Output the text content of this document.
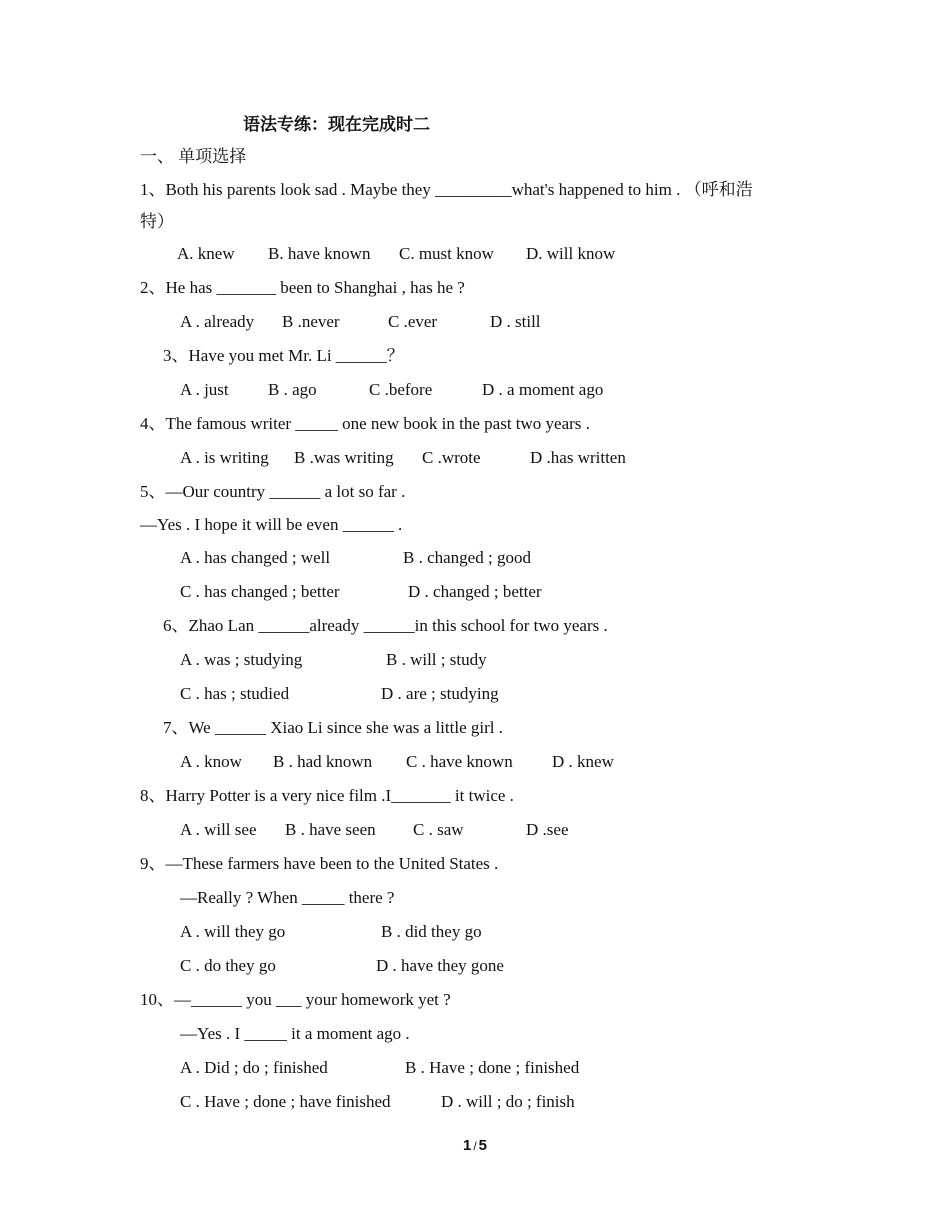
语法专练：现在完成时二
一、 单项选择
1、Both his parents look sad . Maybe they _________what's happened to him . （呼和浩
特）
A. knew B. have known C. must know D. will know
2、He has _______ been to Shanghai , has he ?
A . already B .never	C .ever	D . still
3、Have you met Mr. Li ______？
A . just B . ago	C .before	D . a moment ago
4、The famous writer _____ one new book in the past two years .
A . is writing B .was writing C .wrote	D .has written
5、—Our country ______ a lot so far .
—Yes . I hope it will be even ______ .
A . has changed ; well	B . changed ; good
C . has changed ; better	D . changed ; better
6、Zhao Lan ______already ______in this school for two years .
A . was ; studying	B . will ; study
C . has ; studied	D . are ; studying
7、We ______ Xiao Li since she was a little girl .
A . know B . had known C . have known D . knew
8、Harry Potter is a very nice film .I_______ it twice .
A . will see B . have seen C . saw	D .see
9、—These farmers have been to the United States .
—Really ? When _____ there ?
A . will they go	B . did they go
C . do they go	D . have they gone
10、—______ you ___ your homework yet ?
—Yes . I _____ it a moment ago .
A . Did ; do ; finished	B . Have ; done ; finished
C . Have ; done ; have finished	D . will ; do ; finish
1 / 5
